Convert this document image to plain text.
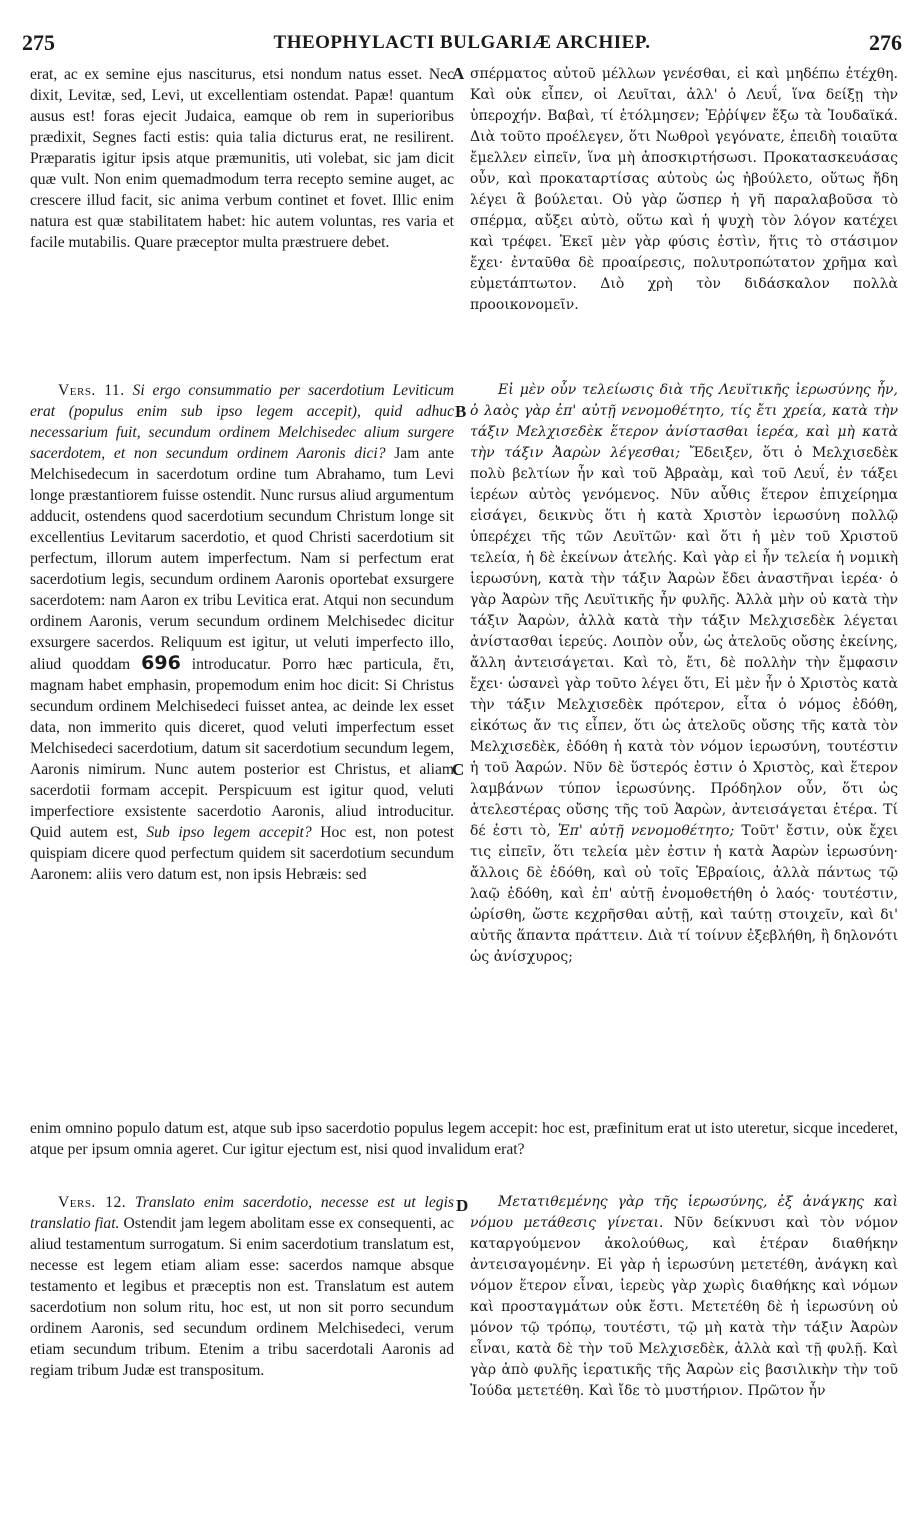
275	THEOPHYLACTI BULGARIÆ ARCHIEP.	276

erat, ac ex semine ejus nasciturus, etsi nondum natus esset. Nec dixit, Levitæ, sed, Levi, ut excellentiam ostendat. Papæ! quantum ausus est! foras ejecit Judaica, eamque ob rem in superioribus prædixit, Segnes facti estis: quia talia dicturus erat, ne resilirent. Præparatis igitur ipsis atque præmunitis, uti volebat, sic jam dicit quæ vult. Non enim quemadmodum terra recepto semine auget, ac crescere illud facit, sic anima verbum continet et fovet. Illic enim natura est quæ stabilitatem habet: hic autem voluntas, res varia et facile mutabilis. Quare præceptor multa præstruere debet.

A σπέρματος αὐτοῦ μέλλων γενέσθαι, εἰ καὶ μηδέπω ἐτέχθη. Καὶ οὐκ εἶπεν, οἱ Λευῖται, ἀλλ' ὁ Λευΐ, ἵνα δείξῃ τὴν ὑπεροχήν. Βαβαὶ, τί ἐτόλμησεν; Ἐῤῥίψεν ἔξω τὰ Ἰουδαϊκά. Διὰ τοῦτο προέλεγεν, ὅτι Νωθροὶ γεγόνατε, ἐπειδὴ τοιαῦτα ἔμελλεν εἰπεῖν, ἵνα μὴ ἀποσκιρτήσωσι. Προκατασκευάσας οὖν, καὶ προκαταρτίσας αὐτοὺς ὡς ἠβούλετο, οὕτως ἤδη λέγει ἃ βούλεται. Οὐ γὰρ ὥσπερ ἡ γῆ παραλαβοῦσα τὸ σπέρμα, αὔξει αὐτὸ, οὕτω καὶ ἡ ψυχὴ τὸν λόγον κατέχει καὶ τρέφει. Ἐκεῖ μὲν γὰρ φύσις ἐστὶν, ἥτις τὸ στάσιμον ἔχει· ἐνταῦθα δὲ προαίρεσις, πολυτροπώτατον χρῆμα καὶ εὐμετάπτωτον. Διὸ χρὴ τὸν διδάσκαλον πολλὰ προοικονομεῖν.

Vers. 11. Si ergo consummatio per sacerdotium Leviticum erat (populus enim sub ipso legem accepit), quid adhuc necessarium fuit, secundum ordinem Melchisedec alium surgere sacerdotem, et non secundum ordinem Aaronis dici? Jam ante Melchisedecum in sacerdotum ordine tum Abrahamo, tum Levi longe præstantiorem fuisse ostendit. Nunc rursus aliud argumentum adducit, ostendens quod sacerdotium secundum Christum longe sit excellentius Levitarum sacerdotio, et quod Christi sacerdotium sit perfectum, illorum autem imperfectum. Nam si perfectum erat sacerdotium legis, secundum ordinem Aaronis oportebat exsurgere sacerdotem: nam Aaron ex tribu Levitica erat. Atqui non secundum ordinem Aaronis, verum secundum ordinem Melchisedec dicitur exsurgere sacerdos. Reliquum est igitur, ut veluti imperfecto illo, aliud quoddam 696 introducatur. Porro hæc particula, ἔτι, magnam habet emphasin, propemodum enim hoc dicit: Si Christus secundum ordinem Melchisedeci fuisset antea, ac deinde lex esset data, non immerito quis diceret, quod veluti imperfectum esset Melchisedeci sacerdotium, datum sit sacerdotium secundum legem, Aaronis nimirum. Nunc autem posterior est Christus, et aliam sacerdotii formam accepit. Perspicuum est igitur quod, veluti imperfectiore exsistente sacerdotio Aaronis, aliud introducitur. Quid autem est, Sub ipso legem accepit? Hoc est, non potest quispiam dicere quod perfectum quidem sit sacerdotium secundum Aaronem: aliis vero datum est, non ipsis Hebræis: sed

B
C

Εἰ μὲν οὖν τελείωσις διὰ τῆς Λευϊτικῆς ἱερωσύνης ἦν, ὁ λαὸς γὰρ ἐπ' αὐτῇ νενομοθέτητο, τίς ἔτι χρεία, κατὰ τὴν τάξιν Μελχισεδὲκ ἕτερον ἀνίστασθαι ἱερέα, καὶ μὴ κατὰ τὴν τάξιν Ἀαρὼν λέγεσθαι; Ἔδειξεν, ὅτι ὁ Μελχισεδὲκ πολὺ βελτίων ἦν καὶ τοῦ Ἀβραὰμ, καὶ τοῦ Λευΐ, ἐν τάξει ἱερέων αὐτὸς γενόμενος. Νῦν αὖθις ἕτερον ἐπιχείρημα εἰσάγει, δεικνὺς ὅτι ἡ κατὰ Χριστὸν ἱερωσύνη πολλῷ ὑπερέχει τῆς τῶν Λευϊτῶν· καὶ ὅτι ἡ μὲν τοῦ Χριστοῦ τελεία, ἡ δὲ ἐκείνων ἀτελής. Καὶ γὰρ εἰ ἦν τελεία ἡ νομικὴ ἱερωσύνη, κατὰ τὴν τάξιν Ἀαρὼν ἔδει ἀναστῆναι ἱερέα· ὁ γὰρ Ἀαρὼν τῆς Λευϊτικῆς ἦν φυλῆς. Ἀλλὰ μὴν οὐ κατὰ τὴν τάξιν Ἀαρὼν, ἀλλὰ κατὰ τὴν τάξιν Μελχισεδὲκ λέγεται ἀνίστασθαι ἱερεύς. Λοιπὸν οὖν, ὡς ἀτελοῦς οὔσης ἐκείνης, ἄλλη ἀντεισάγεται. Καὶ τὸ, ἔτι, δὲ πολλὴν τὴν ἔμφασιν ἔχει· ὡσανεὶ γὰρ τοῦτο λέγει ὅτι, Εἰ μὲν ἦν ὁ Χριστὸς κατὰ τὴν τάξιν Μελχισεδὲκ πρότερον, εἶτα ὁ νόμος ἐδόθη, εἰκότως ἄν τις εἶπεν, ὅτι ὡς ἀτελοῦς οὔσης τῆς κατὰ τὸν Μελχισεδὲκ, ἐδόθη ἡ κατὰ τὸν νόμον ἱερωσύνη, τουτέστιν ἡ τοῦ Ἀαρών. Νῦν δὲ ὕστερός ἐστιν ὁ Χριστὸς, καὶ ἕτερον λαμβάνων τύπον ἱερωσύνης. Πρόδηλον οὖν, ὅτι ὡς ἀτελεστέρας οὔσης τῆς τοῦ Ἀαρὼν, ἀντεισάγεται ἑτέρα. Τί δέ ἐστι τὸ, Ἐπ' αὐτῇ νενομοθέτητο; Τοῦτ' ἔστιν, οὐκ ἔχει τις εἰπεῖν, ὅτι τελεία μὲν ἐστιν ἡ κατὰ Ἀαρὼν ἱερωσύνη· ἄλλοις δὲ ἐδόθη, καὶ οὐ τοῖς Ἑβραίοις, ἀλλὰ πάντως τῷ λαῷ ἐδόθη, καὶ ἐπ' αὐτῇ ἐνομοθετήθη ὁ λαός· τουτέστιν, ὡρίσθη, ὥστε κεχρῆσθαι αὐτῇ, καὶ ταύτῃ στοιχεῖν, καὶ δι' αὐτῆς ἅπαντα πράττειν. Διὰ τί τοίνυν ἐξεβλήθη, ἢ δηλονότι ὡς ἀνίσχυρος;

enim omnino populo datum est, atque sub ipso sacerdotio populus legem accepit: hoc est, præfinitum erat ut isto uteretur, sicque incederet, atque per ipsum omnia ageret. Cur igitur ejectum est, nisi quod invalidum erat?

Vers. 12. Translato enim sacerdotio, necesse est ut legis translatio fiat. Ostendit jam legem abolitam esse ex consequenti, ac aliud testamentum surrogatum. Si enim sacerdotium translatum est, necesse est legem etiam aliam esse: sacerdos namque absque testamento et legibus et præceptis non est. Translatum est autem sacerdotium non solum ritu, hoc est, ut non sit porro secundum ordinem Aaronis, sed secundum ordinem Melchisedeci, verum etiam secundum tribum. Etenim a tribu sacerdotali Aaronis ad regiam tribum Judæ est transpositum.

D	Μετατιθεμένης γὰρ τῆς ἱερωσύνης, ἐξ ἀνάγκης καὶ νόμου μετάθεσις γίνεται. Νῦν δείκνυσι καὶ τὸν νόμον καταργούμενον ἀκολούθως, καὶ ἑτέραν διαθήκην ἀντεισαγομένην. Εἰ γὰρ ἡ ἱερωσύνη μετετέθη, ἀνάγκη καὶ νόμον ἕτερον εἶναι, ἱερεὺς γὰρ χωρὶς διαθήκης καὶ νόμων καὶ προσταγμάτων οὐκ ἔστι. Μετετέθη δὲ ἡ ἱερωσύνη οὐ μόνον τῷ τρόπῳ, τουτέστι, τῷ μὴ κατὰ τὴν τάξιν Ἀαρὼν εἶναι, κατὰ δὲ τὴν τοῦ Μελχισεδὲκ, ἀλλὰ καὶ τῇ φυλῇ. Καὶ γὰρ ἀπὸ φυλῆς ἱερατικῆς τῆς Ἀαρὼν εἰς βασιλικὴν τὴν τοῦ Ἰούδα μετετέθη. Καὶ ἴδε τὸ μυστήριον. Πρῶτον ἦν
